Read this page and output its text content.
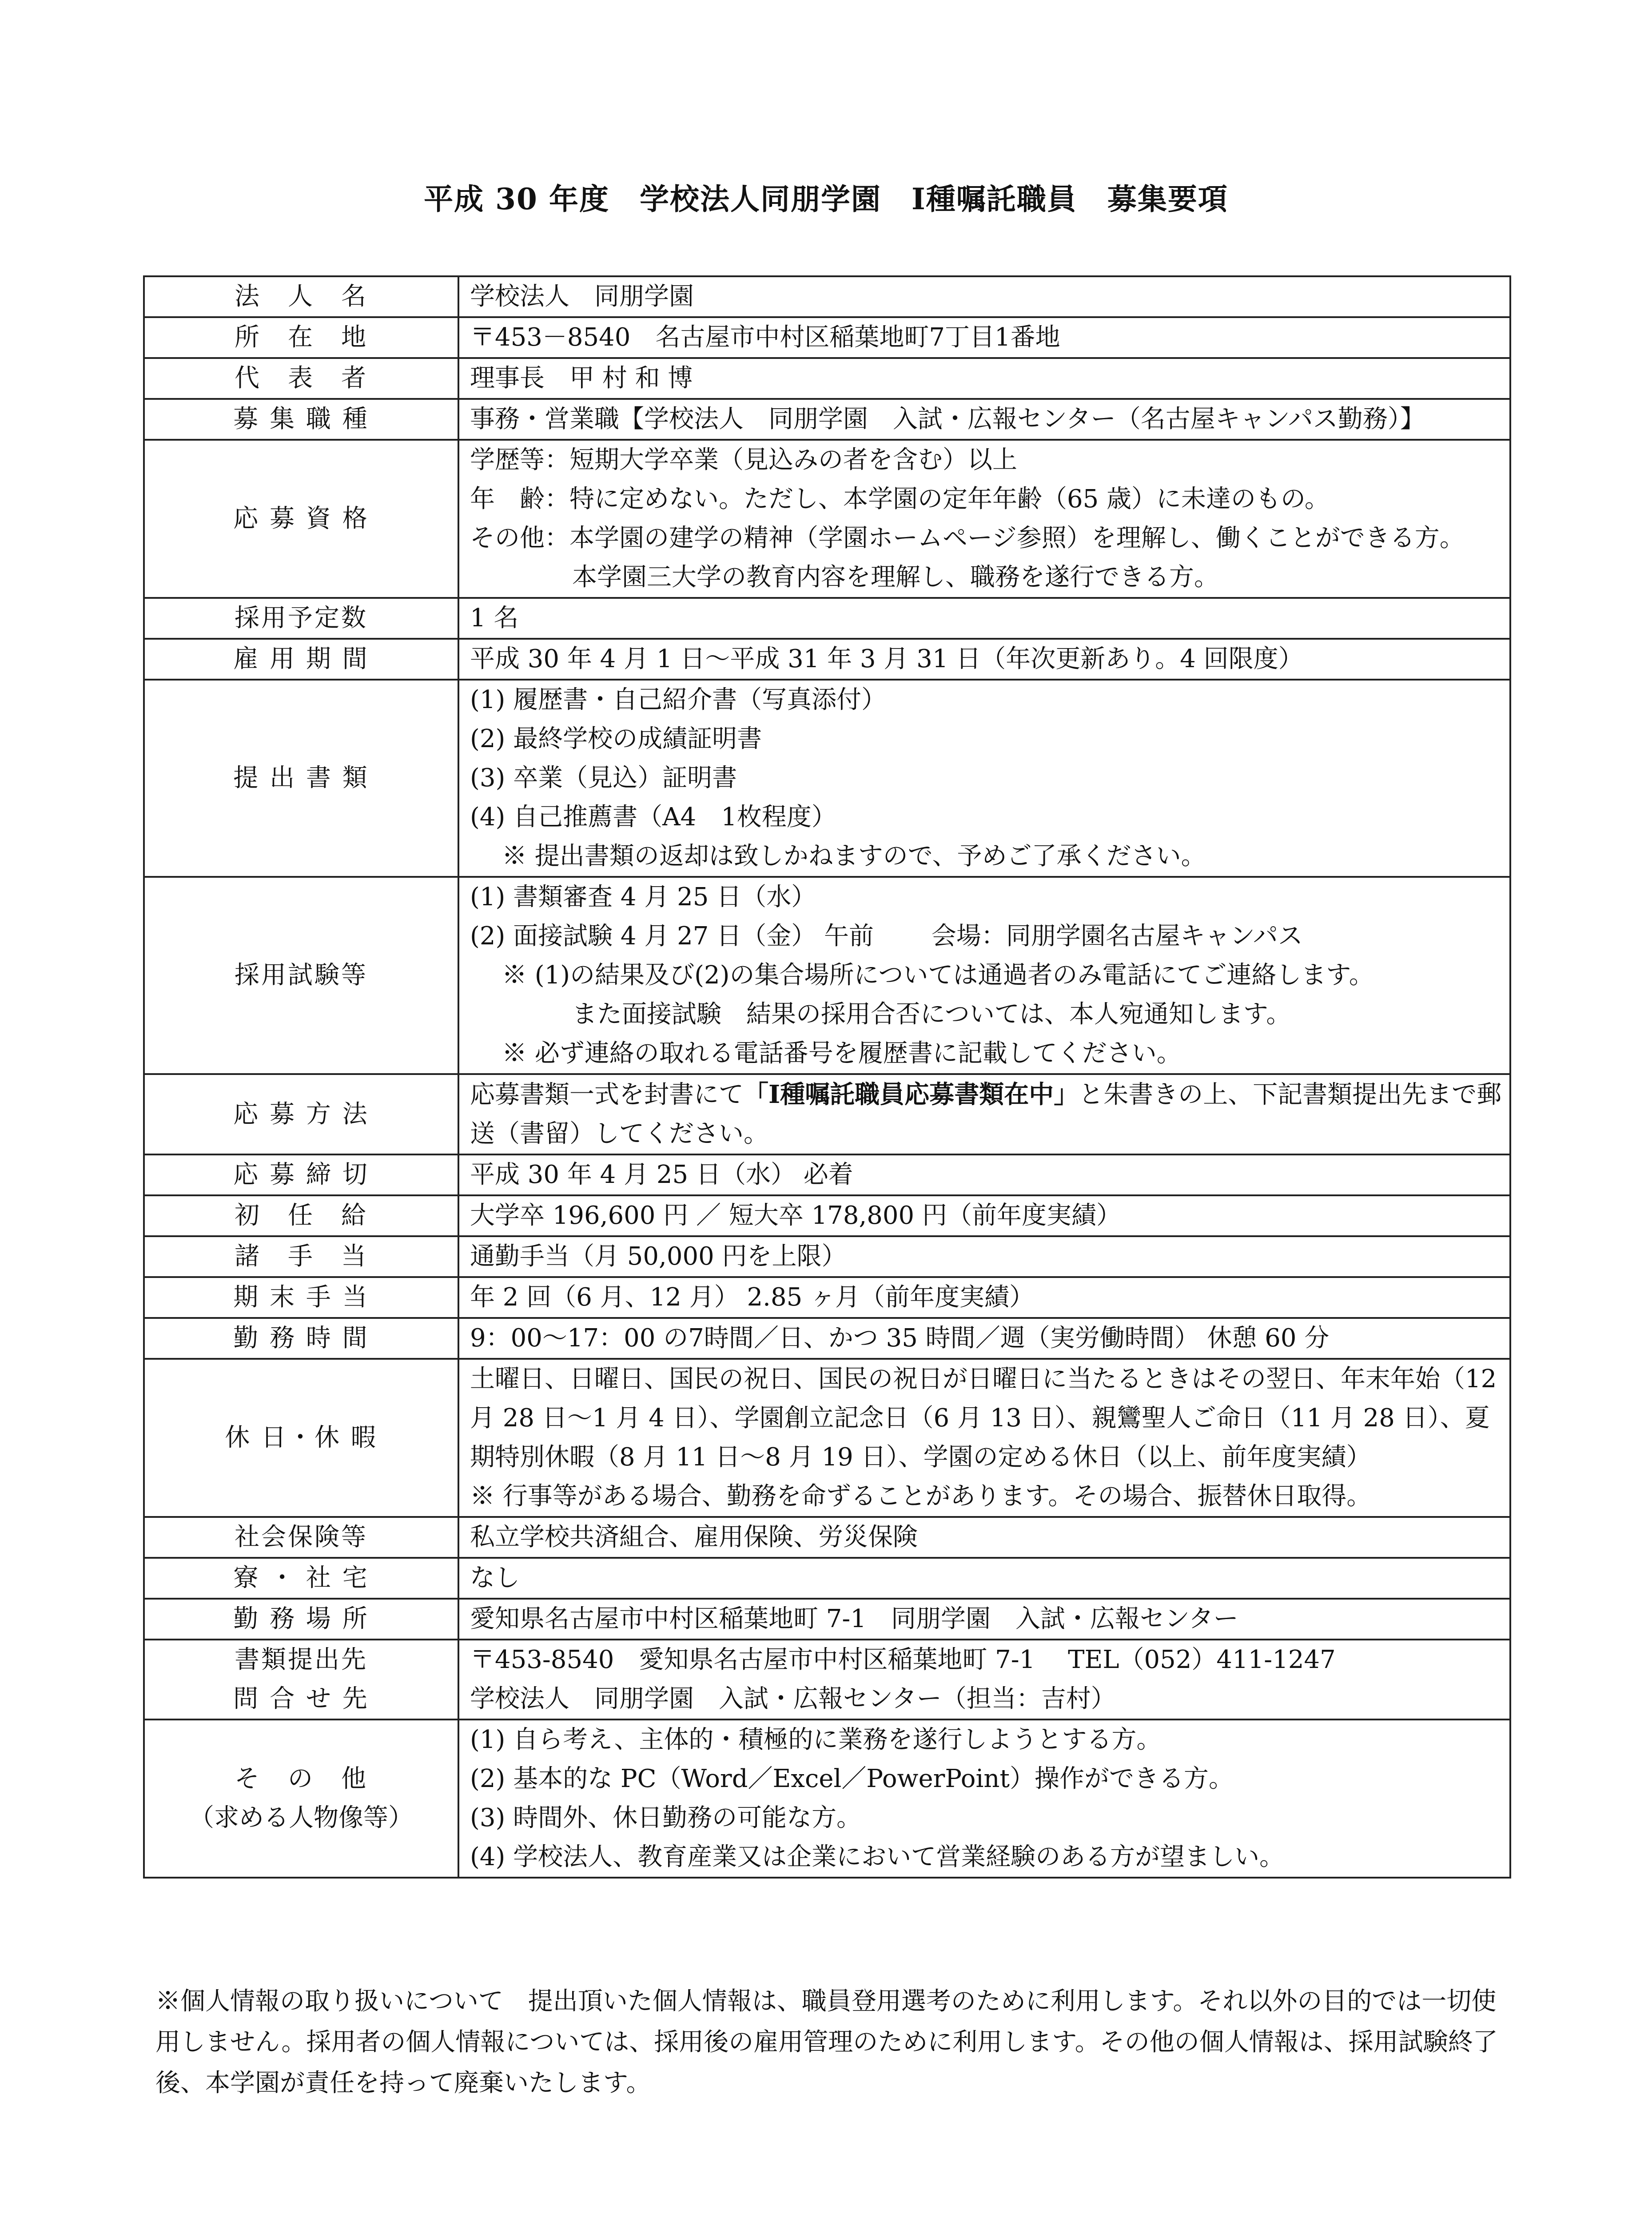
平成 30 年度　学校法人同朋学園　Ⅰ種嘱託職員　募集要項
法　人　名	学校法人　同朋学園
所　在　地	〒453－8540　名古屋市中村区稲葉地町7丁目1番地
代　表　者	理事長　甲 村 和 博
募 集 職 種	事務・営業職【学校法人　同朋学園　入試・広報センター（名古屋キャンパス勤務）】
応 募 資 格	学歴等：短期大学卒業（見込みの者を含む）以上
年　齢：特に定めない。ただし、本学園の定年年齢（65 歳）に未達のもの。
その他：本学園の建学の精神（学園ホームページ参照）を理解し、働くことができる方。
本学園三大学の教育内容を理解し、職務を遂行できる方。

採用予定数	1 名
雇 用 期 間	平成 30 年 4 月 1 日～平成 31 年 3 月 31 日（年次更新あり。4 回限度）
提 出 書 類	(1) 履歴書・自己紹介書（写真添付）
(2) 最終学校の成績証明書
(3) 卒業（見込）証明書
(4) 自己推薦書（A4　1枚程度）
※ 提出書類の返却は致しかねますので、予めご了承ください。

採用試験等	(1) 書類審査 4 月 25 日（水）
(2) 面接試験 4 月 27 日（金） 午前　　 会場：同朋学園名古屋キャンパス
※ (1)の結果及び(2)の集合場所については通過者のみ電話にてご連絡します。
また面接試験　結果の採用合否については、本人宛通知します。
※ 必ず連絡の取れる電話番号を履歴書に記載してください。

応 募 方 法	応募書類一式を封書にて「Ⅰ種嘱託職員応募書類在中」と朱書きの上、下記書類提出先まで郵送（書留）してください。
応 募 締 切	平成 30 年 4 月 25 日（水） 必着
初　任　給	大学卒 196,600 円 ／ 短大卒 178,800 円（前年度実績）
諸　手　当	通勤手当（月 50,000 円を上限）
期 末 手 当	年 2 回（6 月、12 月） 2.85 ヶ月（前年度実績）
勤 務 時 間	9：00～17：00 の7時間／日、かつ 35 時間／週（実労働時間） 休憩 60 分
休 日・休 暇	土曜日、日曜日、国民の祝日、国民の祝日が日曜日に当たるときはその翌日、年末年始（12 月 28 日～1 月 4 日）、学園創立記念日（6 月 13 日）、親鸞聖人ご命日（11 月 28 日）、夏期特別休暇（8 月 11 日～8 月 19 日）、学園の定める休日（以上、前年度実績）
※ 行事等がある場合、勤務を命ずることがあります。その場合、振替休日取得。

社会保険等	私立学校共済組合、雇用保険、労災保険
寮 ・ 社 宅	なし
勤 務 場 所	愛知県名古屋市中村区稲葉地町 7-1　同朋学園　入試・広報センター

書類提出先
問 合 せ 先	〒453-8540　愛知県名古屋市中村区稲葉地町 7-1　 TEL（052）411-1247
学校法人　同朋学園　入試・広報センター（担当：吉村）

そ　の　他
（求める人物像等）	(1) 自ら考え、主体的・積極的に業務を遂行しようとする方。
(2) 基本的な PC（Word／Excel／PowerPoint）操作ができる方。
(3) 時間外、休日勤務の可能な方。
(4) 学校法人、教育産業又は企業において営業経験のある方が望ましい。
※個人情報の取り扱いについて　提出頂いた個人情報は、職員登用選考のために利用します。それ以外の目的では一切使用しません。採用者の個人情報については、採用後の雇用管理のために利用します。その他の個人情報は、採用試験終了後、本学園が責任を持って廃棄いたします。
